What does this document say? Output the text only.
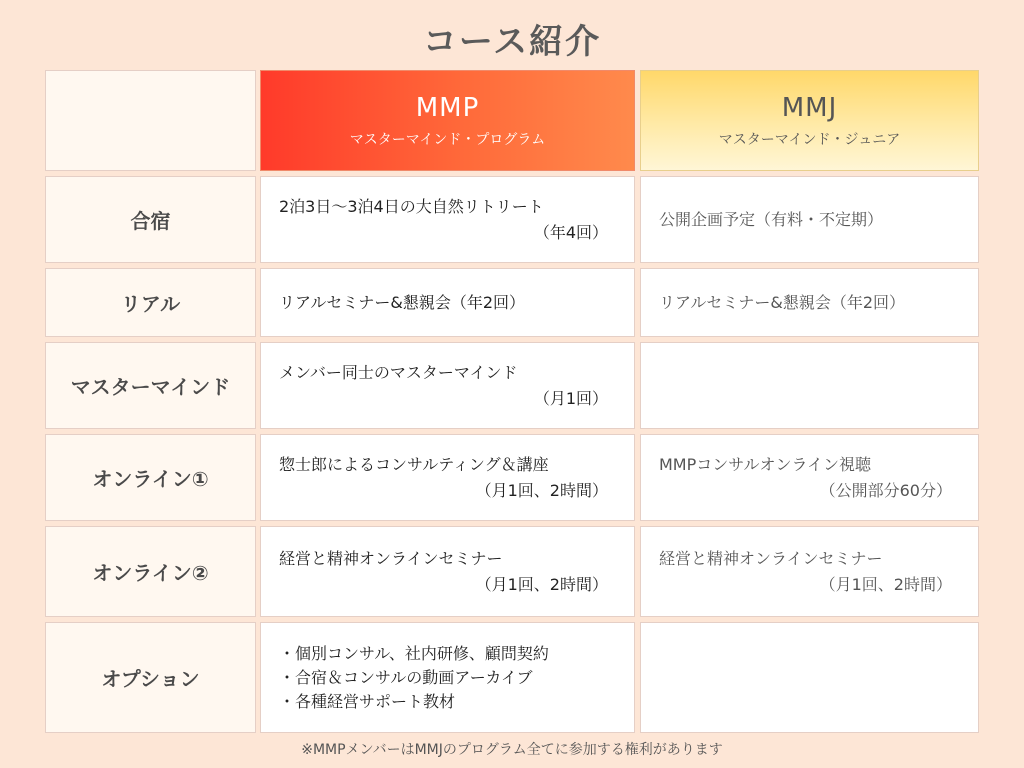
コース紹介
MMP
マスターマインド・プログラム
MMJ
マスターマインド・ジュニア
合宿
2泊3日〜3泊4日の大自然リトリート
（年4回）
公開企画予定（有料・不定期）
リアル	リアルセミナー&懇親会（年2回）	リアルセミナー&懇親会（年2回）
マスターマインド
メンバー同士のマスターマインド
（月1回）
オンライン①
惣士郎によるコンサルティング＆講座
（月1回、2時間）
MMPコンサルオンライン視聴
（公開部分60分）
オンライン②
経営と精神オンラインセミナー
（月1回、2時間）
経営と精神オンラインセミナー
（月1回、2時間）
オプション
・個別コンサル、社内研修、顧問契約
・合宿＆コンサルの動画アーカイブ
・各種経営サポート教材
※MMPメンバーはMMJのプログラム全てに参加する権利があります
